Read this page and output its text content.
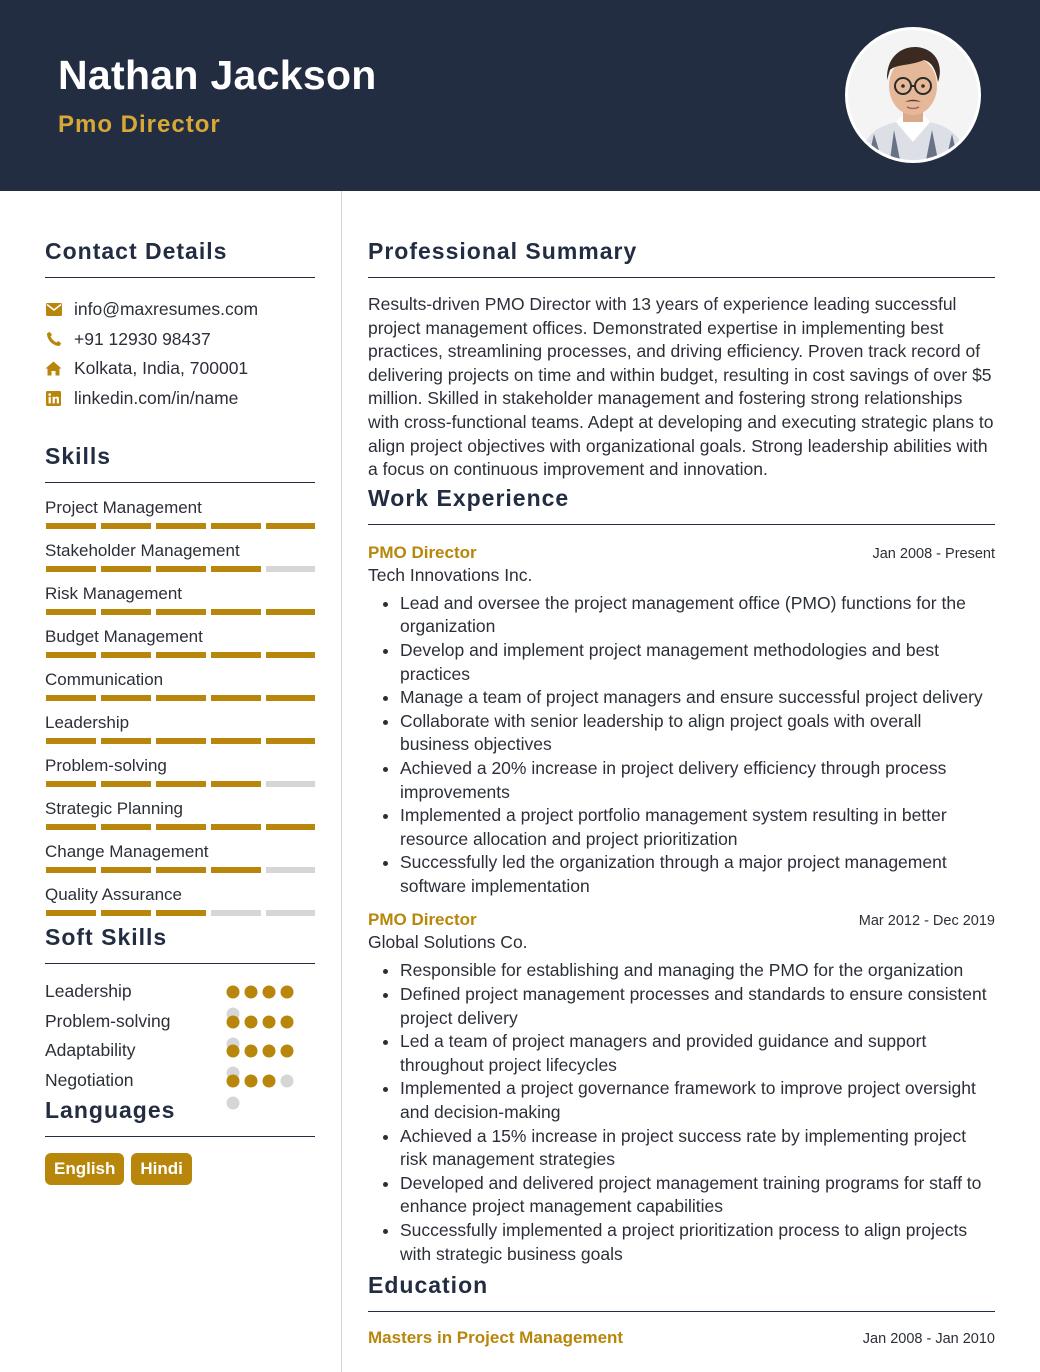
Nathan Jackson
Pmo Director
Contact Details
info@maxresumes.com
+91 12930 98437
Kolkata, India, 700001
linkedin.com/in/name
Skills
Project Management
Stakeholder Management
Risk Management
Budget Management
Communication
Leadership
Problem-solving
Strategic Planning
Change Management
Quality Assurance
Soft Skills
Leadership
Problem-solving
Adaptability
Negotiation
Languages
English	Hindi
Professional Summary
Results-driven PMO Director with 13 years of experience leading successful project management offices. Demonstrated expertise in implementing best practices, streamlining processes, and driving efficiency. Proven track record of delivering projects on time and within budget, resulting in cost savings of over $5 million. Skilled in stakeholder management and fostering strong relationships with cross-functional teams. Adept at developing and executing strategic plans to align project objectives with organizational goals. Strong leadership abilities with a focus on continuous improvement and innovation.
Work Experience
PMO Director	Jan 2008 - Present
Tech Innovations Inc.
• Lead and oversee the project management office (PMO) functions for the organization
• Develop and implement project management methodologies and best practices
• Manage a team of project managers and ensure successful project delivery
• Collaborate with senior leadership to align project goals with overall business objectives
• Achieved a 20% increase in project delivery efficiency through process improvements
• Implemented a project portfolio management system resulting in better resource allocation and project prioritization
• Successfully led the organization through a major project management software implementation
PMO Director	Mar 2012 - Dec 2019
Global Solutions Co.
• Responsible for establishing and managing the PMO for the organization
• Defined project management processes and standards to ensure consistent project delivery
• Led a team of project managers and provided guidance and support throughout project lifecycles
• Implemented a project governance framework to improve project oversight and decision-making
• Achieved a 15% increase in project success rate by implementing project risk management strategies
• Developed and delivered project management training programs for staff to enhance project management capabilities
• Successfully implemented a project prioritization process to align projects with strategic business goals
Education
Masters in Project Management	Jan 2008 - Jan 2010
